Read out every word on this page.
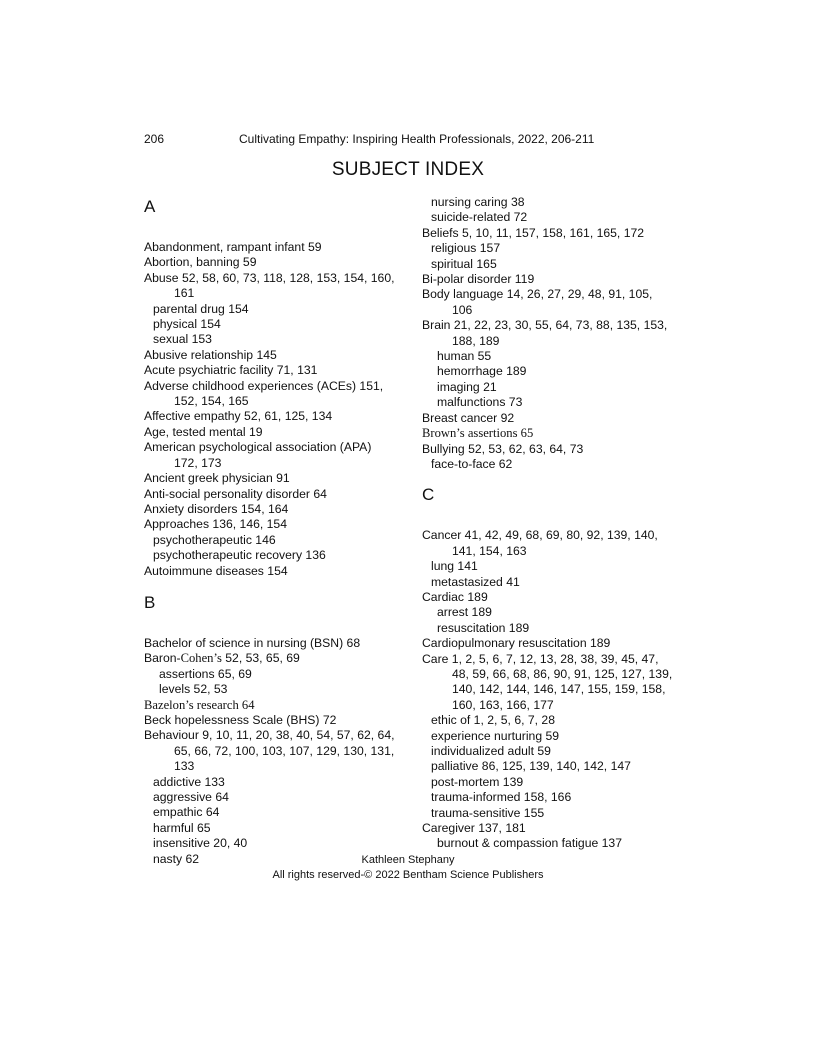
206	Cultivating Empathy: Inspiring Health Professionals, 2022, 206-211
SUBJECT INDEX
A
Abandonment, rampant infant 59
Abortion, banning 59
Abuse 52, 58, 60, 73, 118, 128, 153, 154, 160,
161
parental drug 154
physical 154
sexual 153
Abusive relationship 145
Acute psychiatric facility 71, 131
Adverse childhood experiences (ACEs) 151,
152, 154, 165
Affective empathy 52, 61, 125, 134
Age, tested mental 19
American psychological association (APA)
172, 173
Ancient greek physician 91
Anti-social personality disorder 64
Anxiety disorders 154, 164
Approaches 136, 146, 154
psychotherapeutic 146
psychotherapeutic recovery 136
Autoimmune diseases 154
B
Bachelor of science in nursing (BSN) 68
Baron-Cohen’s 52, 53, 65, 69
assertions 65, 69
levels 52, 53
Bazelon’s research 64
Beck hopelessness Scale (BHS) 72
Behaviour 9, 10, 11, 20, 38, 40, 54, 57, 62, 64,
65, 66, 72, 100, 103, 107, 129, 130, 131,
133
addictive 133
aggressive 64
empathic 64
harmful 65
insensitive 20, 40
nasty 62
nursing caring 38
suicide-related 72
Beliefs 5, 10, 11, 157, 158, 161, 165, 172
religious 157
spiritual 165
Bi-polar disorder 119
Body language 14, 26, 27, 29, 48, 91, 105,
106
Brain 21, 22, 23, 30, 55, 64, 73, 88, 135, 153,
188, 189
human 55
hemorrhage 189
imaging 21
malfunctions 73
Breast cancer 92
Brown’s assertions 65
Bullying 52, 53, 62, 63, 64, 73
face-to-face 62
C
Cancer 41, 42, 49, 68, 69, 80, 92, 139, 140,
141, 154, 163
lung 141
metastasized 41
Cardiac 189
arrest 189
resuscitation 189
Cardiopulmonary resuscitation 189
Care 1, 2, 5, 6, 7, 12, 13, 28, 38, 39, 45, 47,
48, 59, 66, 68, 86, 90, 91, 125, 127, 139,
140, 142, 144, 146, 147, 155, 159, 158,
160, 163, 166, 177
ethic of 1, 2, 5, 6, 7, 28
experience nurturing 59
individualized adult 59
palliative 86, 125, 139, 140, 142, 147
post-mortem 139
trauma-informed 158, 166
trauma-sensitive 155
Caregiver 137, 181
burnout & compassion fatigue 137
Kathleen Stephany
All rights reserved-© 2022 Bentham Science Publishers
